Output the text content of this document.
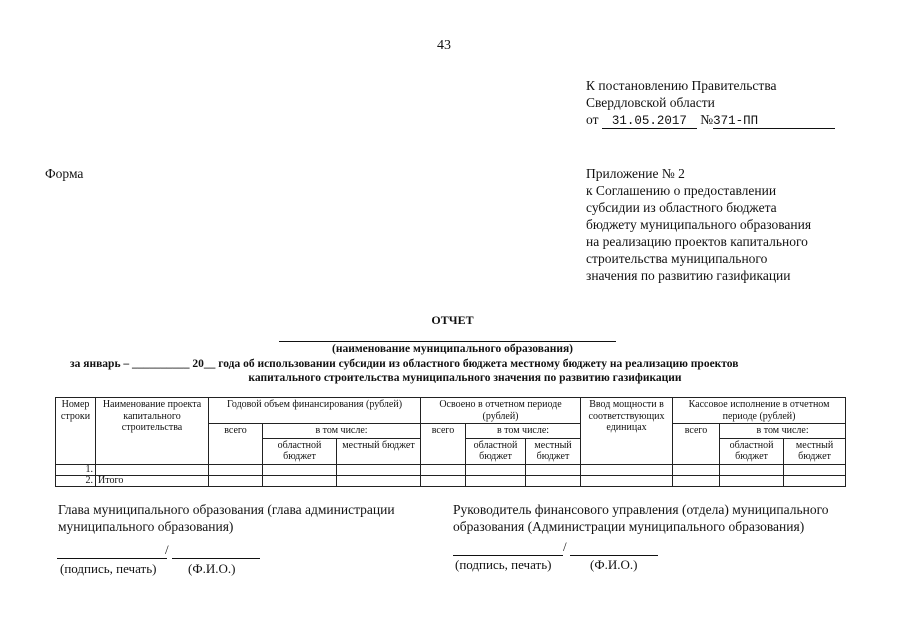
43
К постановлению Правительства
Свердловской области
от 31.05.2017 №371-ПП
Форма	Приложение № 2
к Соглашению о предоставлении
субсидии из областного бюджета
бюджету муниципального образования
на реализацию проектов капитального
строительства муниципального
значения по развитию газификации
ОТЧЕТ
(наименование муниципального образования)
за январь – __________ 20__ года об использовании субсидии из областного бюджета местному бюджету на реализацию проектов
капитального строительства муниципального значения по развитию газификации
Номер строки	Наименование проекта капитального строительства	Годовой объем финансирования (рублей)			Освоено в отчетном периоде (рублей)			Ввод мощности в соответствующих единицах	Кассовое исполнение в отчетном периоде (рублей)		
		всего	в том числе:		всего	в том числе:			всего	в том числе:	
			областной бюджет	местный бюджет		областной бюджет	местный бюджет			областной бюджет	местный бюджет
1.											
2.	Итого										
Глава муниципального образования (глава администрации муниципального образования)
Руководитель финансового управления (отдела) муниципального образования (Администрации муниципального образования)
/
(подпись, печать) (Ф.И.О.)
/
(подпись, печать)	(Ф.И.О.)
